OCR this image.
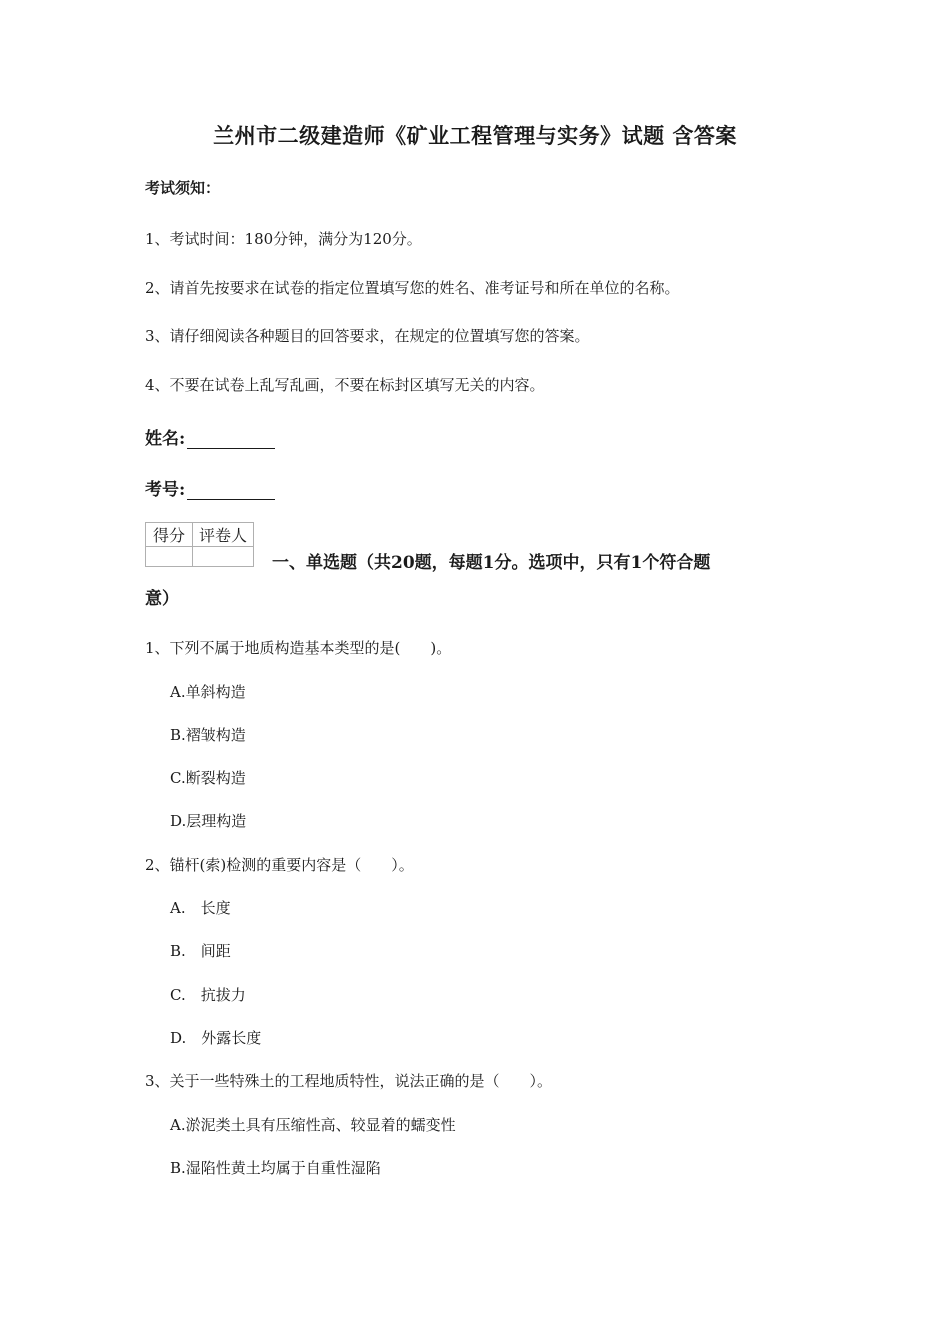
兰州市二级建造师《矿业工程管理与实务》试题 含答案
考试须知：
1、考试时间：180分钟，满分为120分。
2、请首先按要求在试卷的指定位置填写您的姓名、准考证号和所在单位的名称。
3、请仔细阅读各种题目的回答要求，在规定的位置填写您的答案。
4、不要在试卷上乱写乱画，不要在标封区填写无关的内容。
姓名:
考号:
得分	评卷人

一、单选题（共20题，每题1分。选项中，只有1个符合题
意）
1、下列不属于地质构造基本类型的是(　　)。
A.单斜构造
B.褶皱构造
C.断裂构造
D.层理构造
2、锚杆(索)检测的重要内容是（　　）。
A.　长度
B.　间距
C.　抗拔力
D.　外露长度
3、关于一些特殊土的工程地质特性，说法正确的是（　　）。
A.淤泥类土具有压缩性高、较显着的蠕变性
B.湿陷性黄土均属于自重性湿陷
